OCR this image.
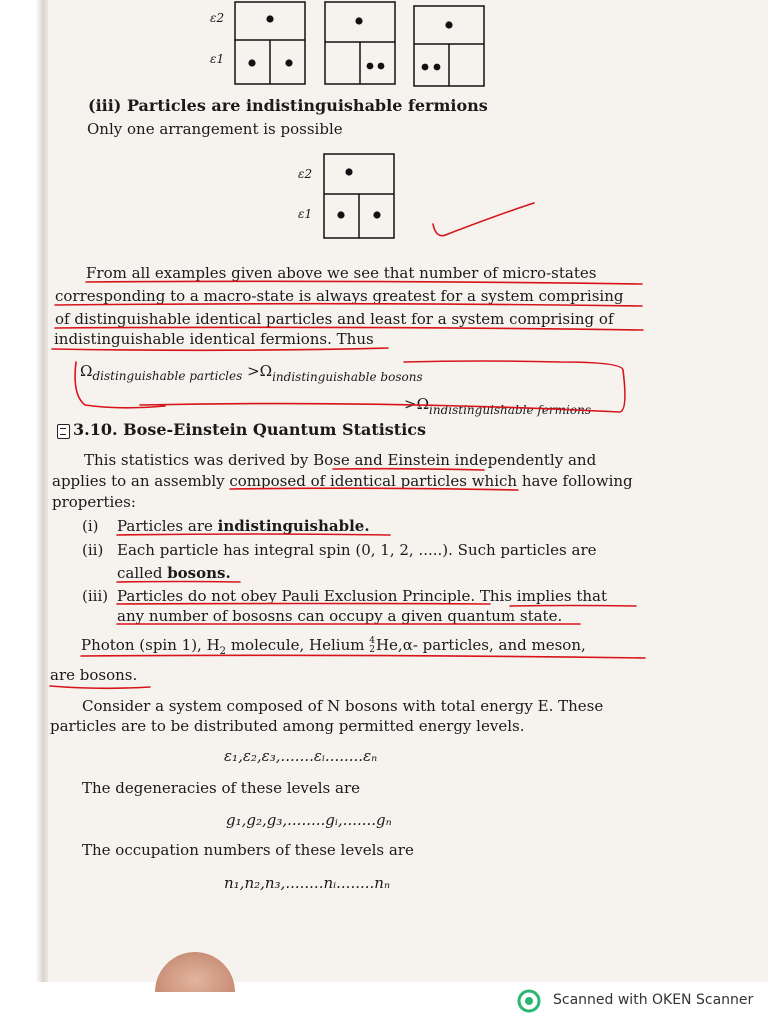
ε2
ε1
ε2
ε1
(iii) Particles are indistinguishable fermions
Only one arrangement is possible
From all examples given above we see that number of micro-states
corresponding to a macro-state is always greatest for a system comprising
of distinguishable identical particles and least for a system comprising of
indistinguishable identical fermions. Thus
$\Omega_{distinguishable particles} >\Omega_{indistinguishable bosons}$
$>\Omega_{indistinguishable fermions}$
3.10. Bose-Einstein Quantum Statistics
This statistics was derived by Bose and Einstein independently and
applies to an assembly composed of identical particles which have following
properties:
(i) Particles are indistinguishable.
(ii) Each particle has integral spin (0, 1, 2, .....). Such particles are
called bosons.
(iii) Particles do not obey Pauli Exclusion Principle. This implies that
any number of bososns can occupy a given quantum state.
Photon (spin 1), $H_2$ molecule, Helium 4
2 He,α- particles, and meson,
are bosons.
Consider a system composed of N bosons with total energy E. These
particles are to be distributed among permitted energy levels.
ε₁,ε₂,ε₃,.......εᵢ........εₙ
The degeneracies of these levels are
g₁,g₂,g₃,........gᵢ,.......gₙ
The occupation numbers of these levels are
n₁,n₂,n₃,........nᵢ........nₙ
Scanned with OKEN Scanner
